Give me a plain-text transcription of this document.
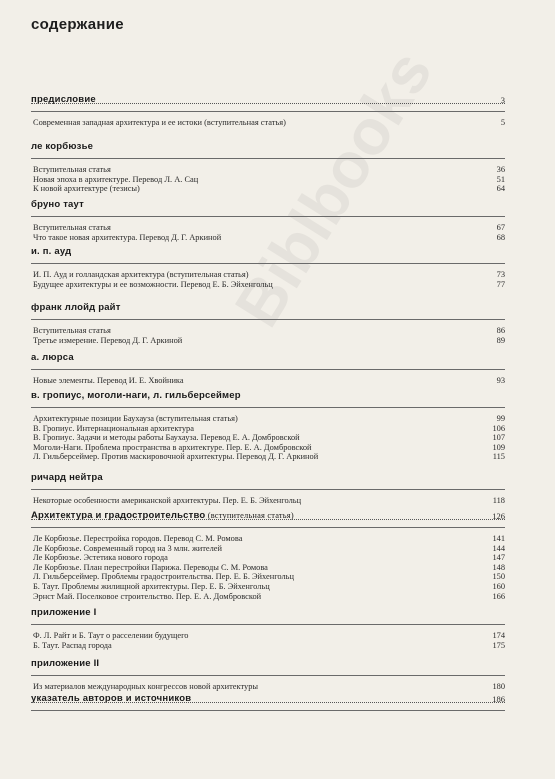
содержание
Biblbooks
предисловие	3
Современная западная архитектура и ее истоки (вступительная статья)	5
ле корбюзье
Вступительная статья	36
Новая эпоха в архитектуре. Перевод Л. А. Сац	51
К новой архитектуре (тезисы)	64
бруно таут
Вступительная статья	67
Что такое новая архитектура. Перевод Д. Г. Аркиной	68
и. п. ауд
И. П. Ауд и голландская архитектура (вступительная статья)	73
Будущее архитектуры и ее возможности. Перевод Е. Б. Эйхенгольц	77
франк ллойд райт
Вступительная статья	86
Третье измерение. Перевод Д. Г. Аркиной	89
а. люрса
Новые элементы. Перевод И. Е. Хвойника	93
в. гропиус, моголи-наги, л. гильберсеймер
Архитектурные позиции Баухауза (вступительная статья)	99
В. Гропиус. Интернациональная архитектура	106
В. Гропиус. Задачи и методы работы Баухауза. Перевод Е. А. Домбровской	107
Моголи-Наги. Проблема пространства в архитектуре. Пер. Е. А. Домбровской	109
Л. Гильберсеймер. Против маскировочной архитектуры. Перевод Д. Г. Аркиной	115
ричард нейтра
Некоторые особенности американской архитектуры. Пер. Е. Б. Эйхенгольц	118
Архитектура и градостроительство (вступительная статья)	126
Ле Корбюзье. Перестройка городов. Перевод С. М. Ромова	141
Ле Корбюзье. Современный город на 3 млн. жителей	144
Ле Корбюзье. Эстетика нового города	147
Ле Корбюзье. План перестройки Парижа. Переводы С. М. Ромова	148
Л. Гильберсеймер. Проблемы градостроительства. Пер. Е. Б. Эйхенгольц	150
Б. Таут. Проблемы жилищной архитектуры. Пер. Е. Б. Эйхенгольц	160
Эрнст Май. Поселковое строительство. Пер. Е. А. Домбровской	166
приложение I
Ф. Л. Райт и Б. Таут о расселении будущего	174
Б. Таут. Распад города	175
приложение II
Из материалов международных конгрессов новой архитектуры	180
указатель авторов и источников	186
